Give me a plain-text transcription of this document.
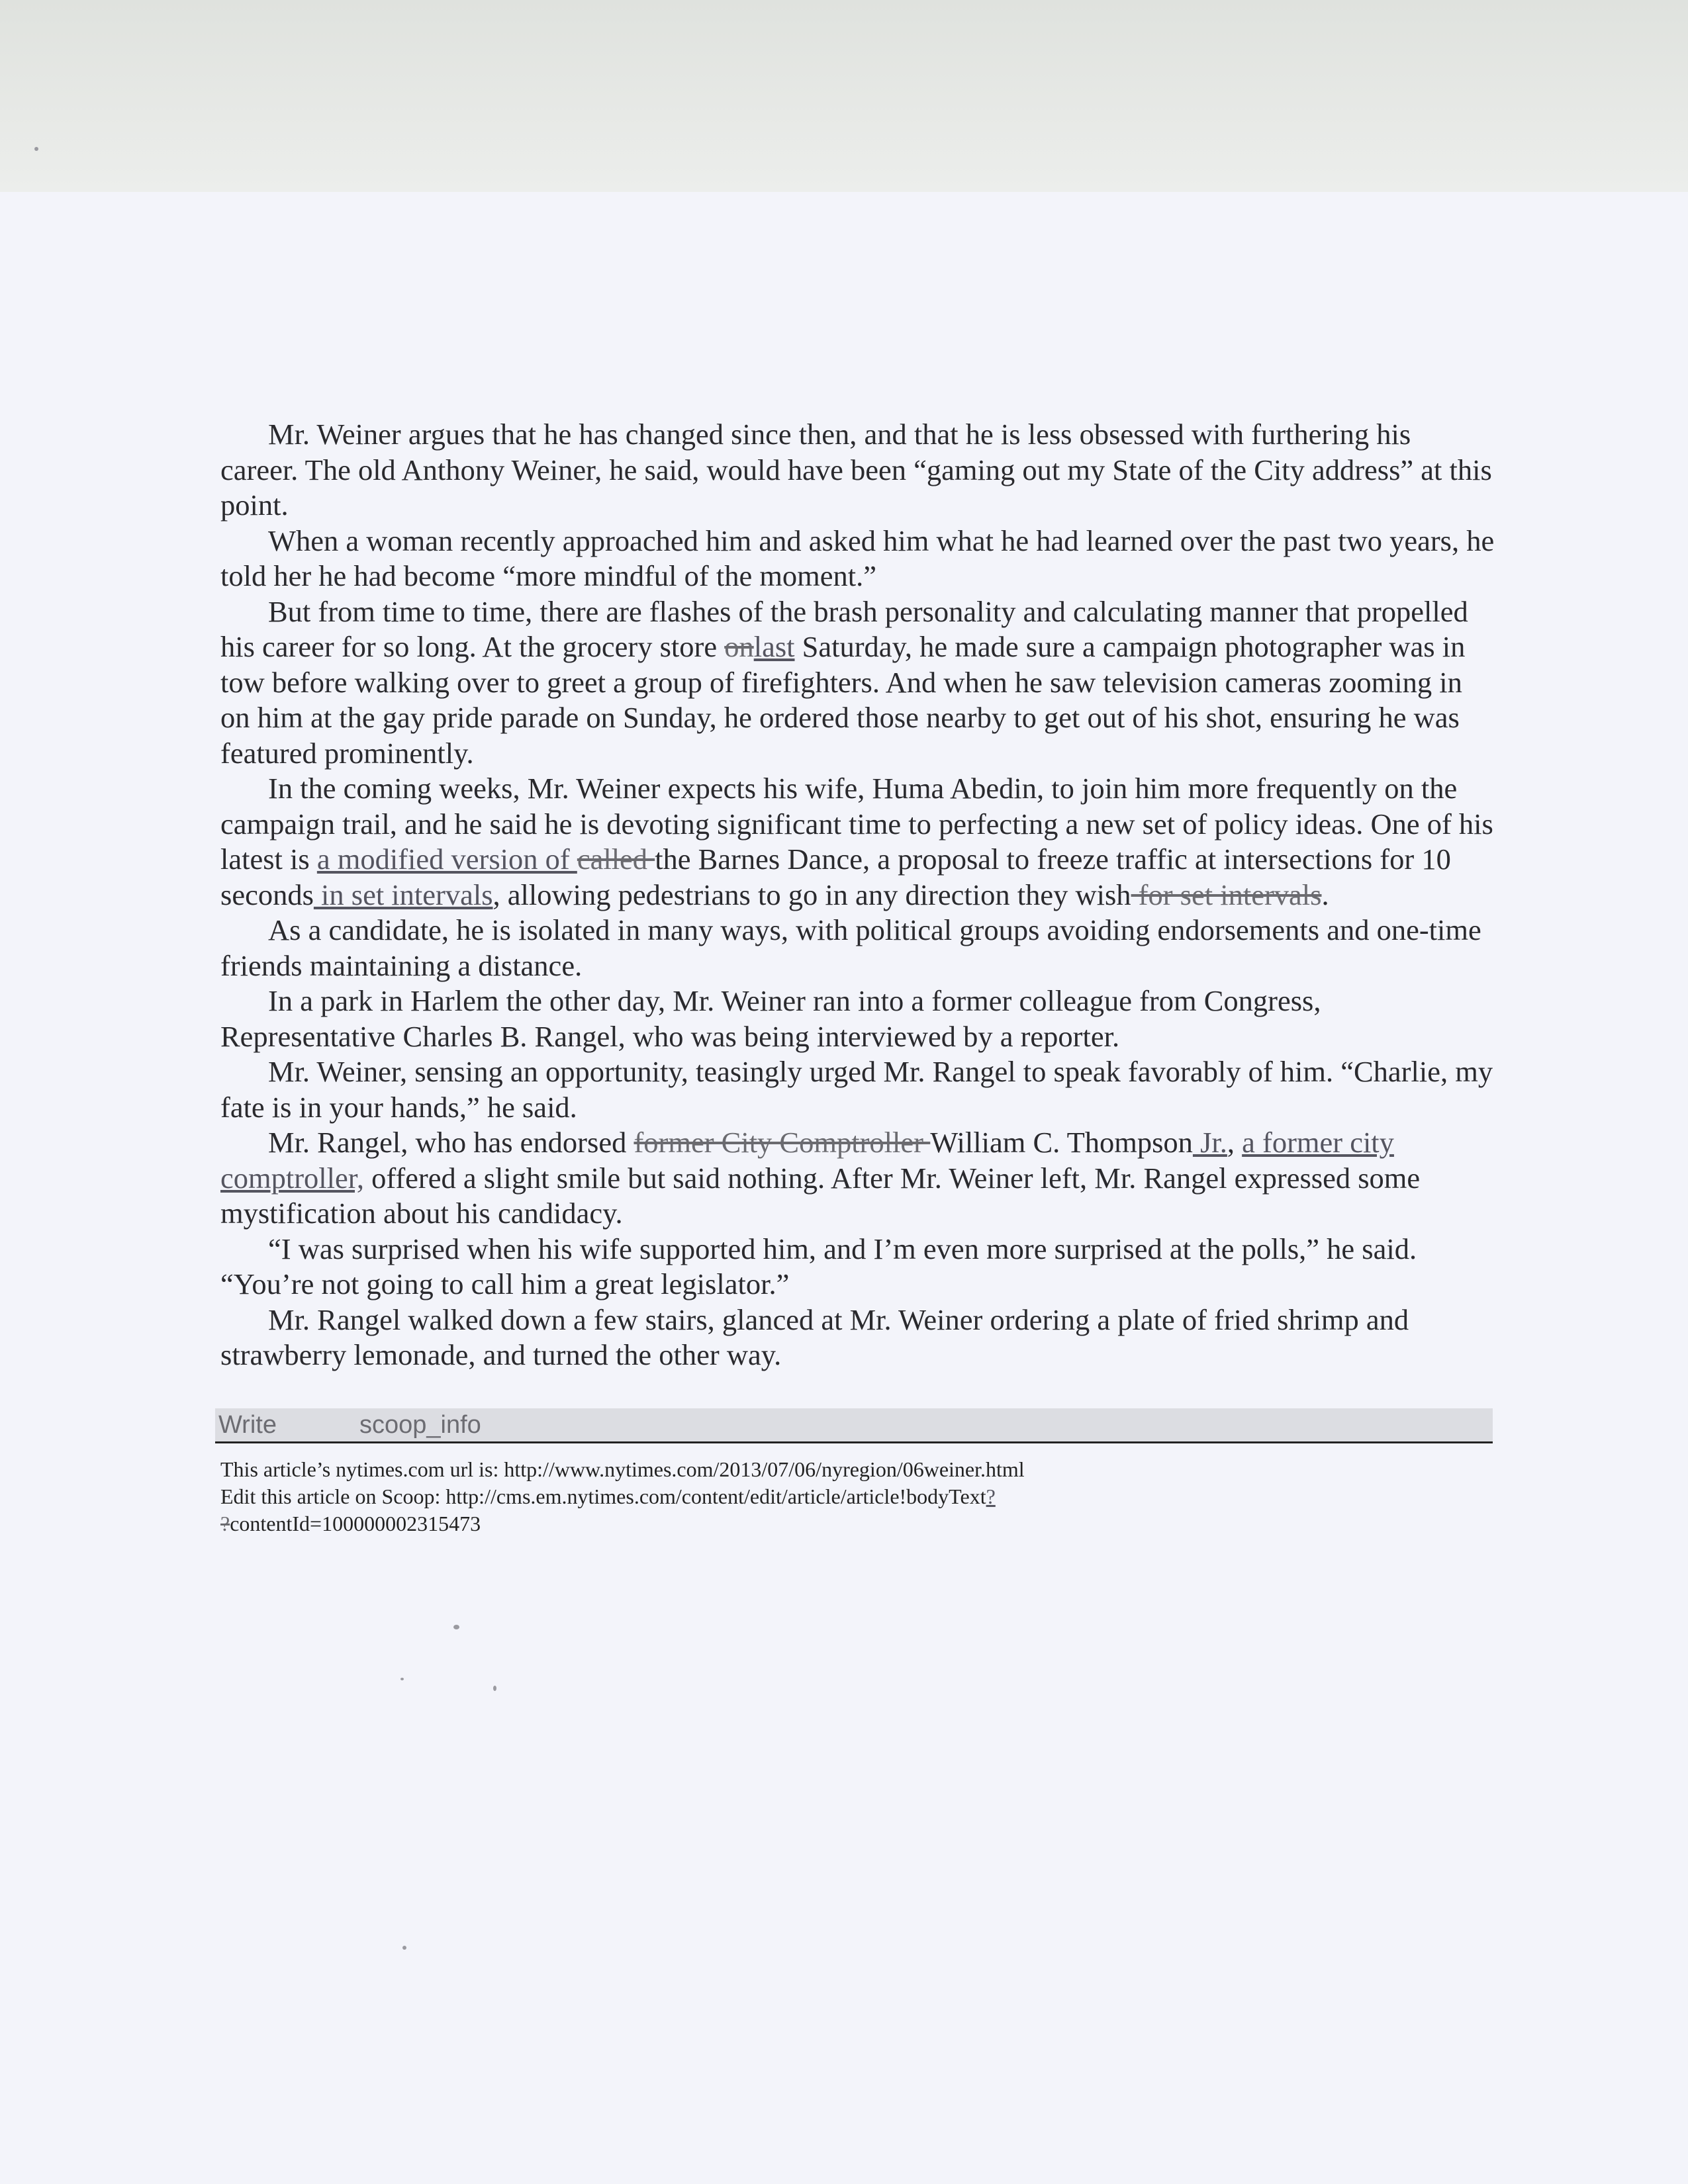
Mr. Weiner argues that he has changed since then, and that he is less obsessed with furthering his career. The old Anthony Weiner, he said, would have been “gaming out my State of the City address” at this point.

When a woman recently approached him and asked him what he had learned over the past two years, he told her he had become “more mindful of the moment.”

But from time to time, there are flashes of the brash personality and calculating manner that propelled his career for so long. At the grocery store onlast Saturday, he made sure a campaign photographer was in tow before walking over to greet a group of firefighters. And when he saw television cameras zooming in on him at the gay pride parade on Sunday, he ordered those nearby to get out of his shot, ensuring he was featured prominently.

In the coming weeks, Mr. Weiner expects his wife, Huma Abedin, to join him more frequently on the campaign trail, and he said he is devoting significant time to perfecting a new set of policy ideas. One of his latest is a modified version of called the Barnes Dance, a proposal to freeze traffic at intersections for 10 seconds in set intervals, allowing pedestrians to go in any direction they wish for set intervals.

As a candidate, he is isolated in many ways, with political groups avoiding endorsements and one-time friends maintaining a distance.

In a park in Harlem the other day, Mr. Weiner ran into a former colleague from Congress, Representative Charles B. Rangel, who was being interviewed by a reporter.

Mr. Weiner, sensing an opportunity, teasingly urged Mr. Rangel to speak favorably of him. “Charlie, my fate is in your hands,” he said.

Mr. Rangel, who has endorsed former City Comptroller William C. Thompson Jr., a former city comptroller, offered a slight smile but said nothing. After Mr. Weiner left, Mr. Rangel expressed some mystification about his candidacy.

“I was surprised when his wife supported him, and I’m even more surprised at the polls,” he said. “You’re not going to call him a great legislator.”

Mr. Rangel walked down a few stairs, glanced at Mr. Weiner ordering a plate of fried shrimp and strawberry lemonade, and turned the other way.

Write	scoop_info
This article’s nytimes.com url is: http://www.nytimes.com/2013/07/06/nyregion/06weiner.html
Edit this article on Scoop: http://cms.em.nytimes.com/content/edit/article/article!bodyText?
?contentId=100000002315473
